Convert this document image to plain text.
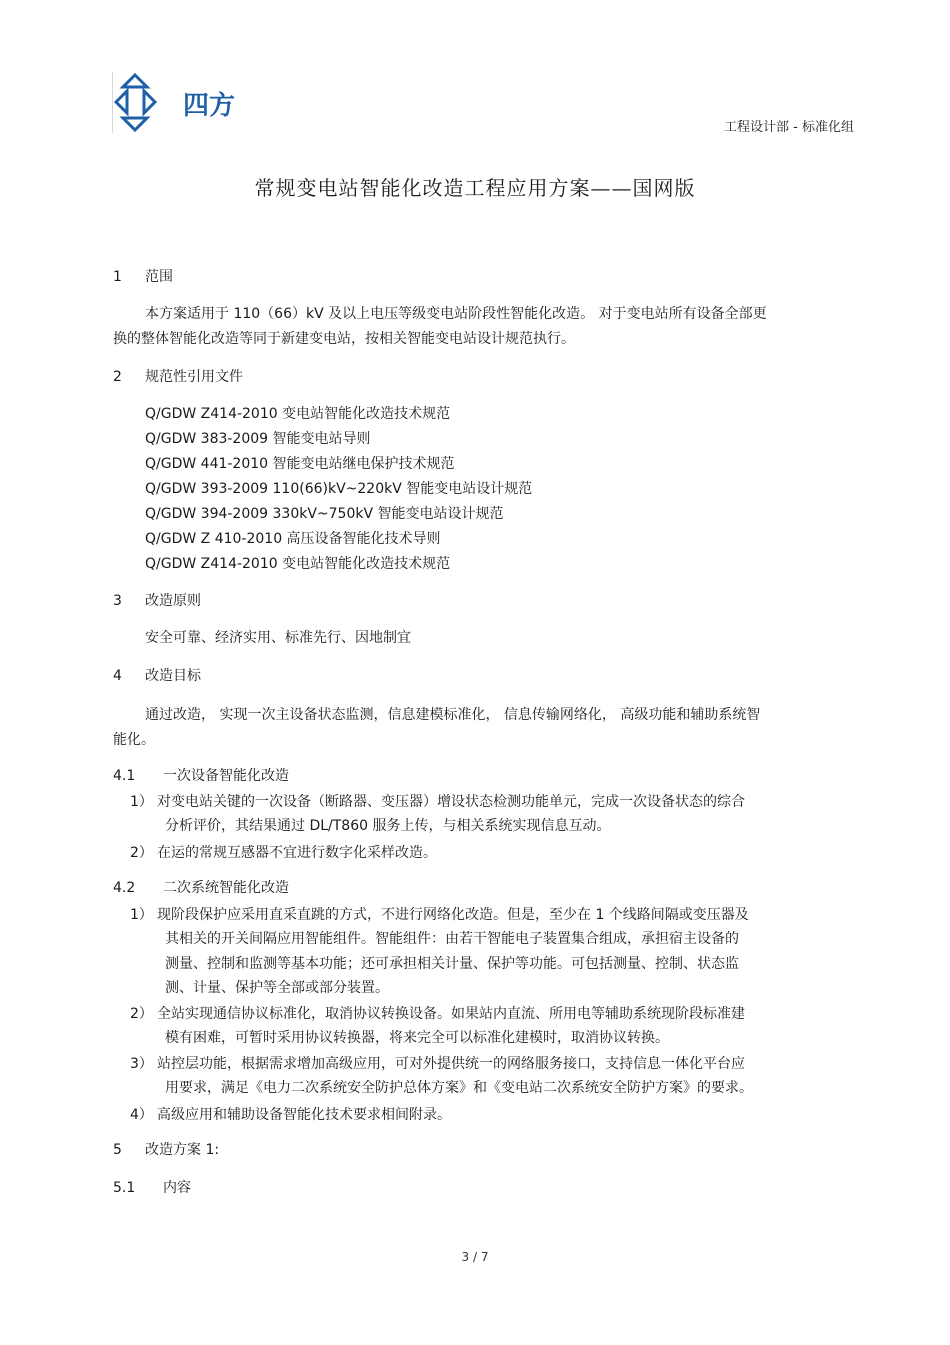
四方
工程设计部 - 标准化组
常规变电站智能化改造工程应用方案——国网版
1 范围
本方案适用于 110（66）kV 及以上电压等级变电站阶段性智能化改造。 对于变电站所有设备全部更
换的整体智能化改造等同于新建变电站，按相关智能变电站设计规范执行。
2 规范性引用文件
Q/GDW Z414-2010 变电站智能化改造技术规范
Q/GDW 383-2009 智能变电站导则
Q/GDW 441-2010 智能变电站继电保护技术规范
Q/GDW 393-2009 110(66)kV~220kV 智能变电站设计规范
Q/GDW 394-2009 330kV~750kV 智能变电站设计规范
Q/GDW Z 410-2010 高压设备智能化技术导则
Q/GDW Z414-2010 变电站智能化改造技术规范
3 改造原则
安全可靠、经济实用、标准先行、因地制宜
4 改造目标
通过改造， 实现一次主设备状态监测，信息建模标准化， 信息传输网络化， 高级功能和辅助系统智
能化。
4.1 一次设备智能化改造
1） 对变电站关键的一次设备（断路器、变压器）增设状态检测功能单元，完成一次设备状态的综合
分析评价，其结果通过 DL/T860 服务上传，与相关系统实现信息互动。
2） 在运的常规互感器不宜进行数字化采样改造。
4.2 二次系统智能化改造
1） 现阶段保护应采用直采直跳的方式，不进行网络化改造。但是，至少在 1 个线路间隔或变压器及
其相关的开关间隔应用智能组件。智能组件：由若干智能电子装置集合组成，承担宿主设备的
测量、控制和监测等基本功能；还可承担相关计量、保护等功能。可包括测量、控制、状态监
测、计量、保护等全部或部分装置。
2） 全站实现通信协议标准化，取消协议转换设备。如果站内直流、所用电等辅助系统现阶段标准建
模有困难，可暂时采用协议转换器，将来完全可以标准化建模时，取消协议转换。
3） 站控层功能，根据需求增加高级应用，可对外提供统一的网络服务接口，支持信息一体化平台应
用要求，满足《电力二次系统安全防护总体方案》和《变电站二次系统安全防护方案》的要求。
4） 高级应用和辅助设备智能化技术要求相间附录。
5 改造方案 1:
5.1 内容
3 / 7
